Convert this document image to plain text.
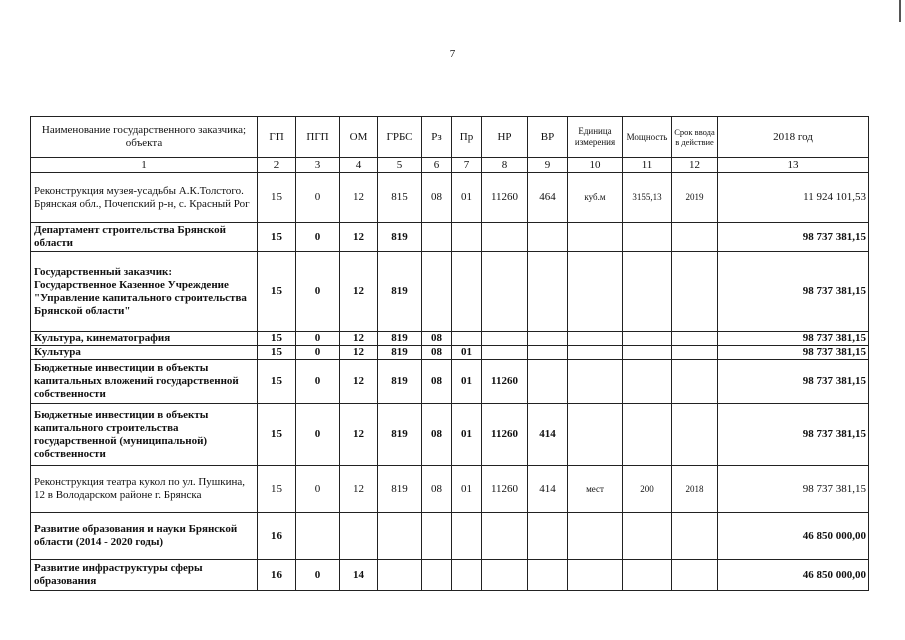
7
Наименование государственного заказчика; объекта	ГП	ПГП	ОМ	ГРБС	Рз	Пр	НР	ВР	Единица измерения	Мощность	Срок ввода в действие	2018 год
1	2	3	4	5	6	7	8	9	10	11	12	13
Реконструкция музея-усадьбы А.К.Толстого. Брянская обл., Почепский р-н, с. Красный Рог	15	0	12	815	08	01	11260	464	куб.м	3155,13	2019	11 924 101,53
Департамент строительства Брянской области	15	0	12	819								98 737 381,15
Государственный заказчик: Государственное Казенное Учреждение "Управление капитального строительства Брянской области"	15	0	12	819								98 737 381,15
Культура, кинематография	15	0	12	819	08							98 737 381,15
Культура	15	0	12	819	08	01						98 737 381,15
Бюджетные инвестиции в объекты капитальных вложений государственной собственности	15	0	12	819	08	01	11260					98 737 381,15
Бюджетные инвестиции в объекты капитального строительства государственной (муниципальной) собственности	15	0	12	819	08	01	11260	414				98 737 381,15
Реконструкция театра кукол по ул. Пушкина, 12 в Володарском районе г. Брянска	15	0	12	819	08	01	11260	414	мест	200	2018	98 737 381,15
Развитие образования и науки Брянской области (2014 - 2020 годы)	16											46 850 000,00
Развитие инфраструктуры сферы образования	16	0	14									46 850 000,00
